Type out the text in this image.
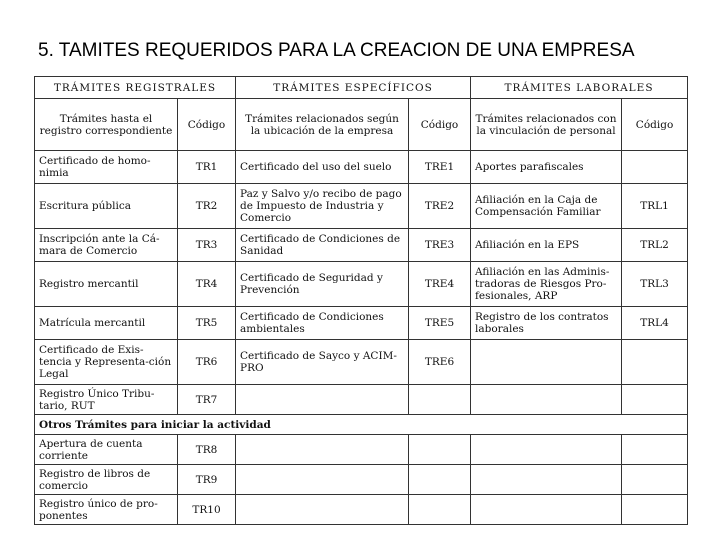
5. TAMITES REQUERIDOS PARA LA CREACION DE UNA EMPRESA
TRÁMITES REGISTRALES		TRÁMITES ESPECÍFICOS		TRÁMITES LABORALES	
Trámites hasta el registro correspondiente	Código	Trámites relacionados según la ubicación de la empresa	Código	Trámites relacionados con la vinculación de personal	Código
Certificado de homo-nimia	TR1	Certificado del uso del suelo	TRE1	Aportes parafiscales	
Escritura pública	TR2	Paz y Salvo y/o recibo de pago de Impuesto de Industria y Comercio	TRE2	Afiliación en la Caja de Compensación Familiar	TRL1
Inscripción ante la Cá-mara de Comercio	TR3	Certificado de Condiciones de Sanidad	TRE3	Afiliación en la EPS	TRL2
Registro mercantil	TR4	Certificado de Seguridad y Prevención	TRE4	Afiliación en las Adminis-tradoras de Riesgos Pro-fesionales, ARP	TRL3
Matrícula mercantil	TR5	Certificado de Condiciones ambientales	TRE5	Registro de los contratos laborales	TRL4
Certificado de Exis-tencia y Representa-ción Legal	TR6	Certificado de Sayco y ACIM-PRO	TRE6		
Registro Único Tribu-tario, RUT	TR7				
Otros Trámites para iniciar la actividad					
Apertura de cuenta corriente	TR8				
Registro de libros de comercio	TR9				
Registro único de pro-ponentes	TR10				
